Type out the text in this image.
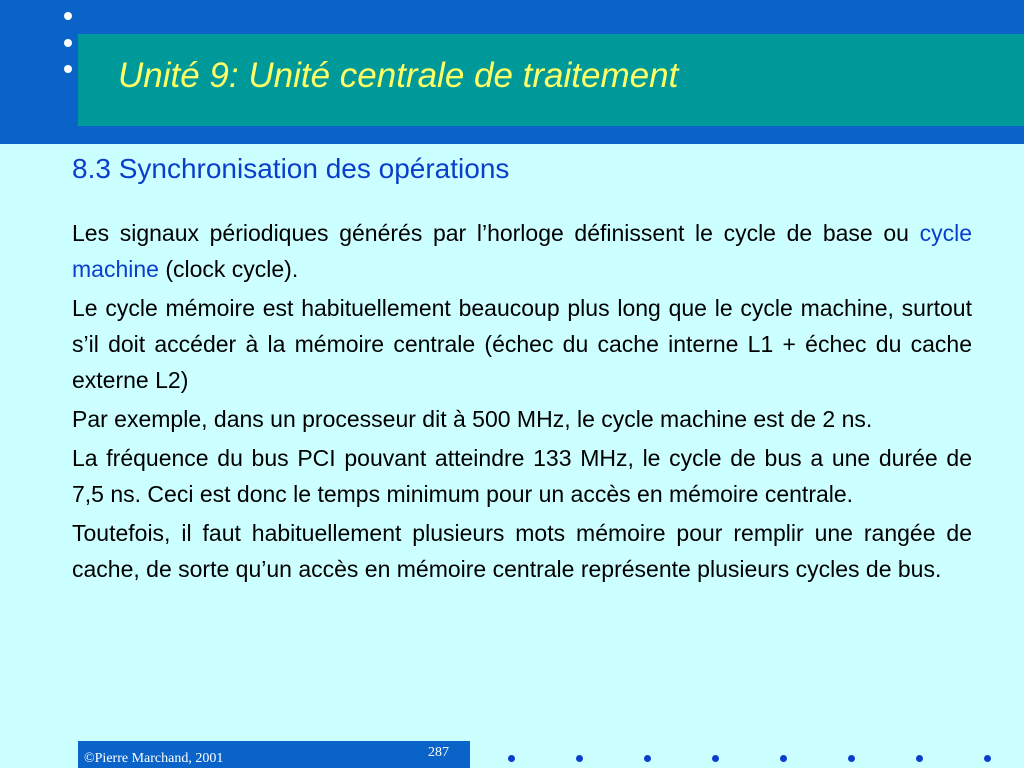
Unité 9: Unité centrale de traitement
8.3 Synchronisation des opérations

Les signaux périodiques générés par l’horloge définissent le cycle de base ou cycle machine (clock cycle).

Le cycle mémoire est habituellement beaucoup plus long que le cycle machine, surtout s’il doit accéder à la mémoire centrale (échec du cache interne L1 + échec du cache externe L2)

Par exemple, dans un processeur dit à 500 MHz, le cycle machine est de 2 ns.

La fréquence du bus PCI pouvant atteindre 133 MHz, le cycle de bus a une durée de 7,5 ns. Ceci est donc le temps minimum pour un accès en mémoire centrale.

Toutefois, il faut habituellement plusieurs mots mémoire pour remplir une rangée de cache, de sorte qu’un accès en mémoire centrale représente plusieurs cycles de bus.

©Pierre Marchand, 2001	287
